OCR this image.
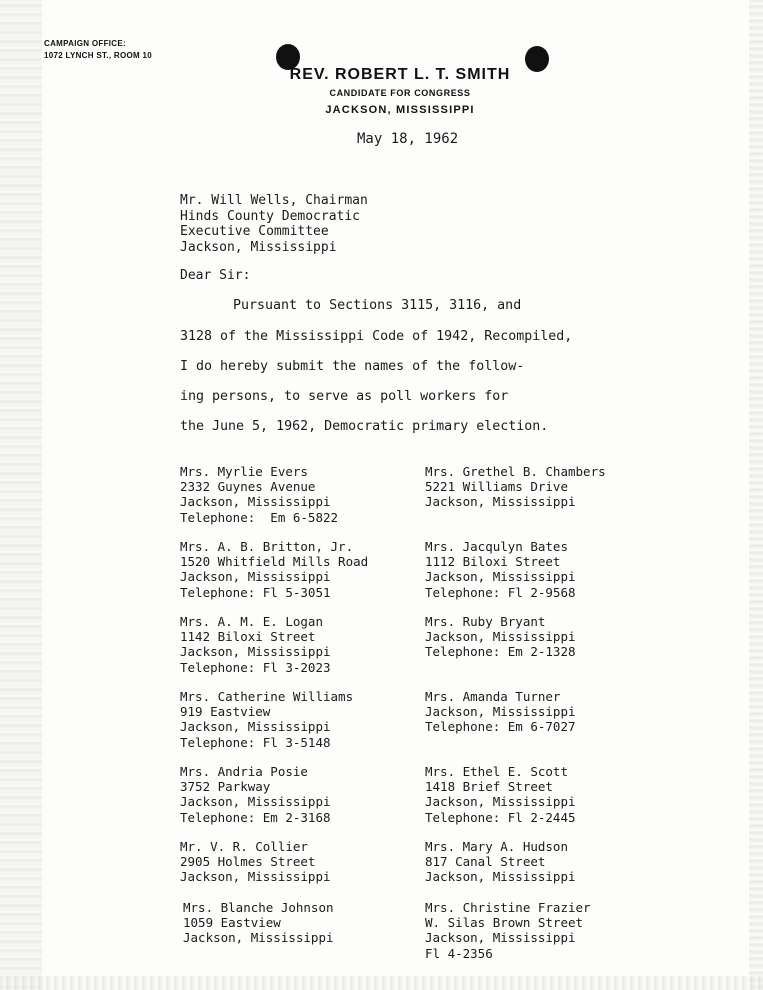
CAMPAIGN OFFICE:
1072 LYNCH ST., ROOM 10
REV. ROBERT L. T. SMITH
CANDIDATE FOR CONGRESS
JACKSON, MISSISSIPPI
May 18, 1962
Mr. Will Wells, Chairman
Hinds County Democratic
Executive Committee
Jackson, Mississippi
Dear Sir:
Pursuant to Sections 3115, 3116, and
3128 of the Mississippi Code of 1942, Recompiled,
I do hereby submit the names of the follow-
ing persons, to serve as poll workers for
the June 5, 1962, Democratic primary election.
Mrs. Myrlie Evers
2332 Guynes Avenue
Jackson, Mississippi
Telephone:  Em 6-5822
Mrs. A. B. Britton, Jr.
1520 Whitfield Mills Road
Jackson, Mississippi
Telephone: Fl 5-3051
Mrs. A. M. E. Logan
1142 Biloxi Street
Jackson, Mississippi
Telephone: Fl 3-2023
Mrs. Catherine Williams
919 Eastview
Jackson, Mississippi
Telephone: Fl 3-5148
Mrs. Andria Posie
3752 Parkway
Jackson, Mississippi
Telephone: Em 2-3168
Mr. V. R. Collier
2905 Holmes Street
Jackson, Mississippi
Mrs. Blanche Johnson
1059 Eastview
Jackson, Mississippi
Mrs. Grethel B. Chambers
5221 Williams Drive
Jackson, Mississippi
Mrs. Jacqulyn Bates
1112 Biloxi Street
Jackson, Mississippi
Telephone: Fl 2-9568
Mrs. Ruby Bryant
Jackson, Mississippi
Telephone: Em 2-1328
Mrs. Amanda Turner
Jackson, Mississippi
Telephone: Em 6-7027
Mrs. Ethel E. Scott
1418 Brief Street
Jackson, Mississippi
Telephone: Fl 2-2445
Mrs. Mary A. Hudson
817 Canal Street
Jackson, Mississippi
Mrs. Christine Frazier
W. Silas Brown Street
Jackson, Mississippi
Fl 4-2356
